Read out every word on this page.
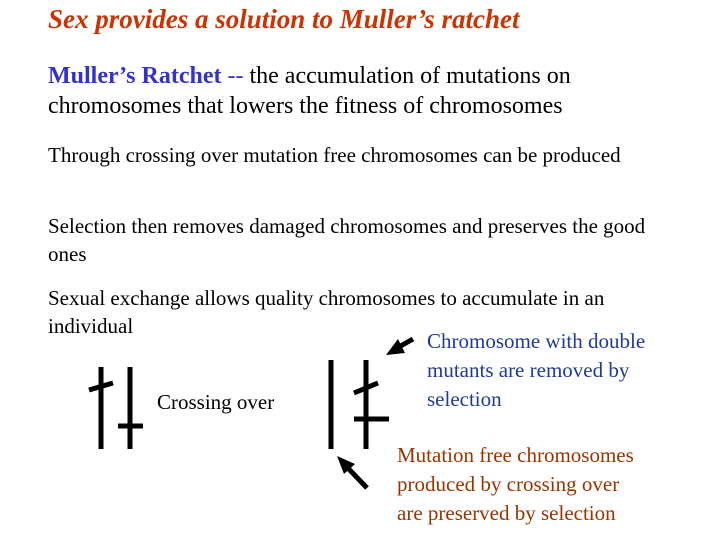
Sex provides a solution to Muller’s ratchet
Muller’s Ratchet -- the accumulation of mutations on chromosomes that lowers the fitness of chromosomes
Through crossing over mutation free chromosomes can be produced
Selection then removes damaged chromosomes and preserves the good ones
Sexual exchange allows quality chromosomes to accumulate in an individual
Crossing over
Chromosome with double
mutants are removed by
selection
Mutation free chromosomes
produced by crossing over
are preserved by selection
